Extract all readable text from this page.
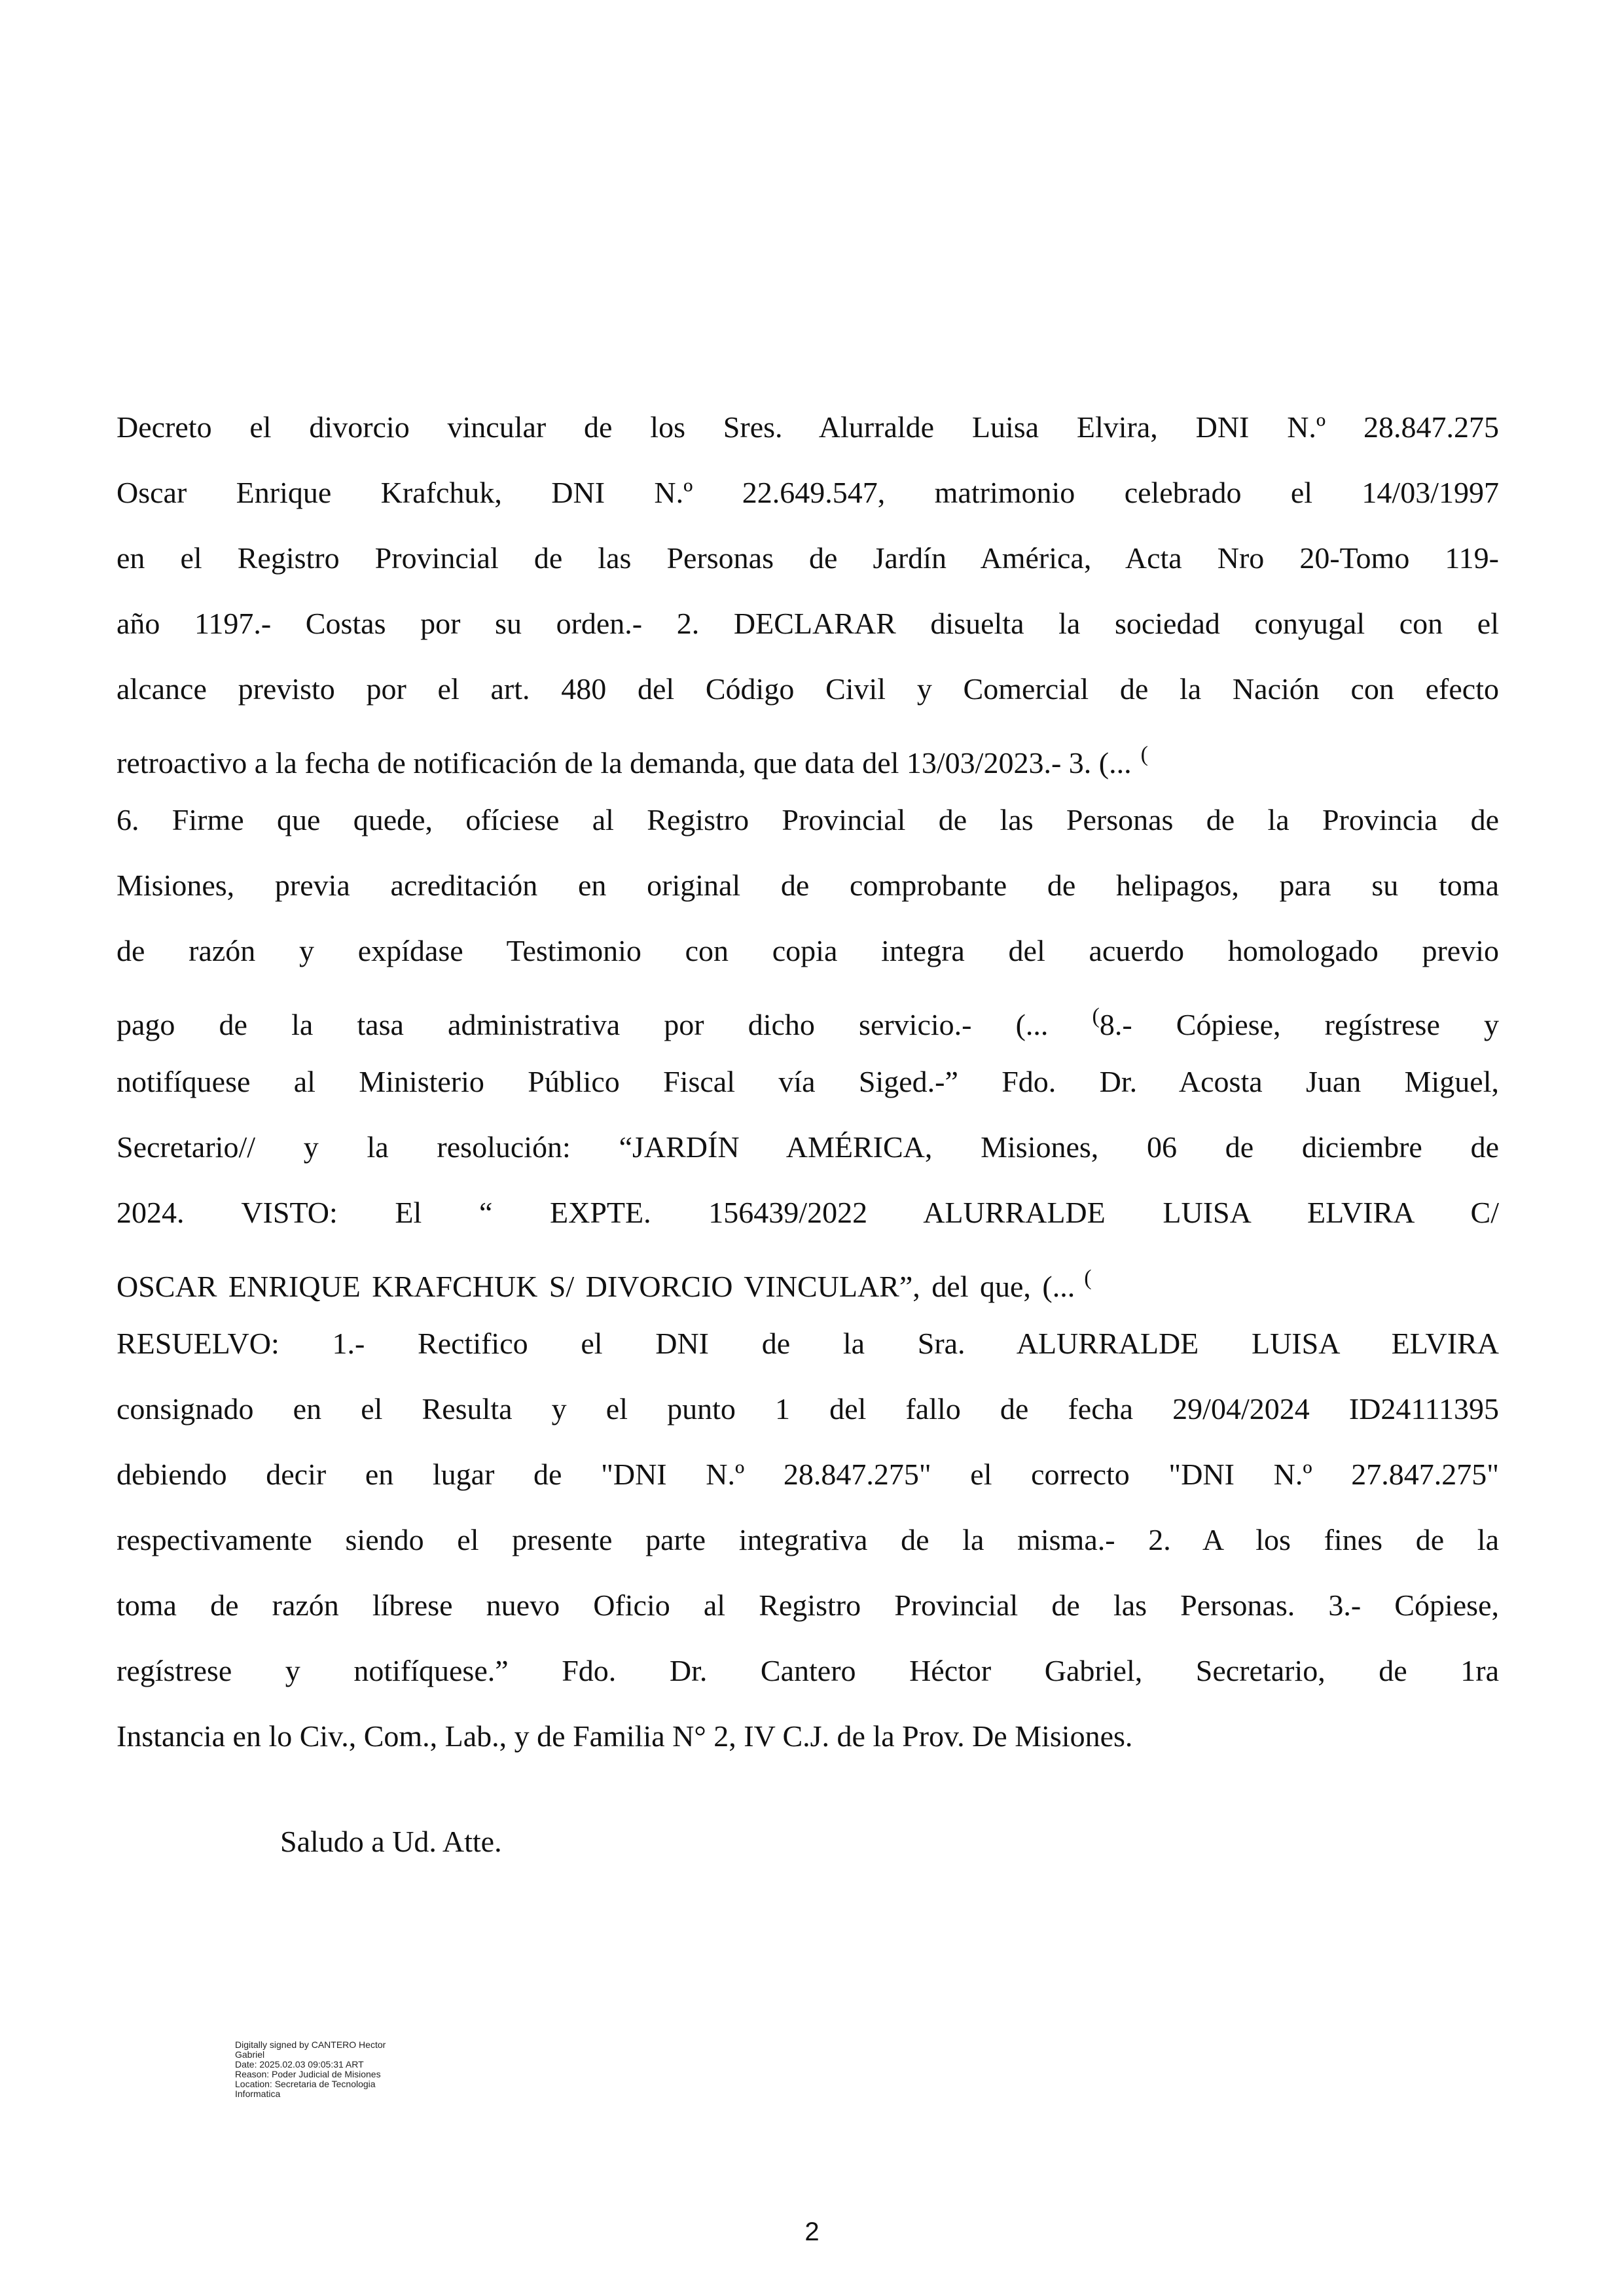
Decreto el divorcio vincular de los Sres. Alurralde Luisa Elvira, DNI N.º 28.847.275
Oscar Enrique Krafchuk, DNI N.º 22.649.547, matrimonio celebrado el 14/03/1997
en el Registro Provincial de las Personas de Jardín América, Acta Nro 20-Tomo 119-
año 1197.- Costas por su orden.- 2. DECLARAR disuelta la sociedad conyugal con el
alcance previsto por el art. 480 del Código Civil y Comercial de la Nación con efecto
retroactivo a la fecha de notificación de la demanda, que data del 13/03/2023.- 3. (... (
6. Firme que quede, ofíciese al Registro Provincial de las Personas de la Provincia de
Misiones, previa acreditación en original de comprobante de helipagos, para su toma
de razón y expídase Testimonio con copia integra del acuerdo homologado previo
pago de la tasa administrativa por dicho servicio.- (... (8.- Cópiese, regístrese y
notifíquese al Ministerio Público Fiscal vía Siged.-” Fdo. Dr. Acosta Juan Miguel,
Secretario// y la resolución: “JARDÍN AMÉRICA, Misiones, 06 de diciembre de
2024. VISTO: El “ EXPTE. 156439/2022 ALURRALDE LUISA ELVIRA C/
OSCAR ENRIQUE KRAFCHUK S/ DIVORCIO VINCULAR”, del que, (... (
RESUELVO: 1.- Rectifico el DNI de la Sra. ALURRALDE LUISA ELVIRA
consignado en el Resulta y el punto 1 del fallo de fecha 29/04/2024 ID24111395
debiendo decir en lugar de "DNI N.º 28.847.275" el correcto "DNI N.º 27.847.275"
respectivamente siendo el presente parte integrativa de la misma.- 2. A los fines de la
toma de razón líbrese nuevo Oficio al Registro Provincial de las Personas. 3.- Cópiese,
regístrese y notifíquese.” Fdo. Dr. Cantero Héctor Gabriel, Secretario, de 1ra
Instancia en lo Civ., Com., Lab., y de Familia N° 2, IV C.J. de la Prov. De Misiones.

Saludo a Ud. Atte.

Digitally signed by CANTERO Hector
Gabriel
Date: 2025.02.03 09:05:31 ART
Reason: Poder Judicial de Misiones
Location: Secretaria de Tecnologia
Informatica
2
